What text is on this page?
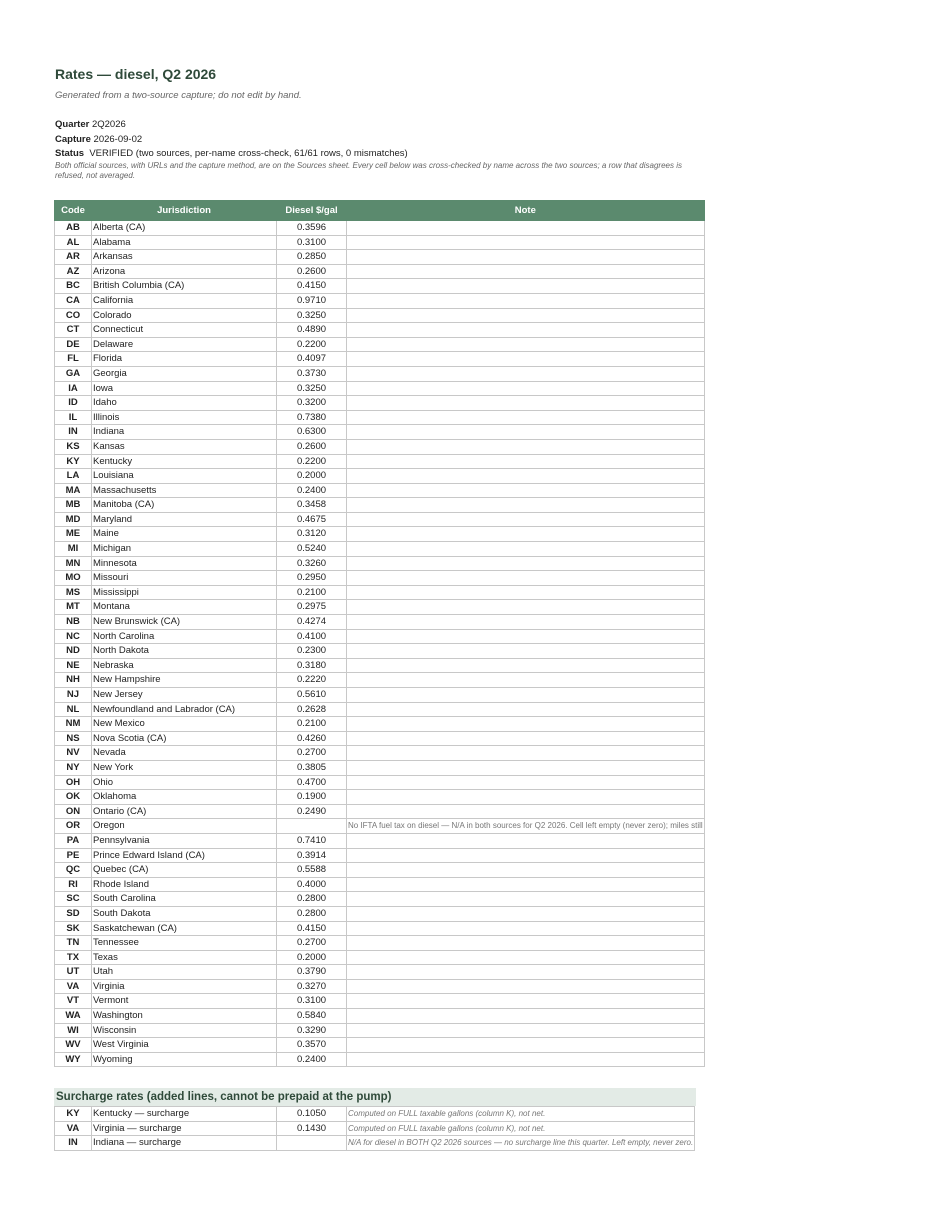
Rates — diesel, Q2 2026
Generated from a two-source capture; do not edit by hand.
Quarter 2Q2026
Capture 2026-09-02
Status VERIFIED (two sources, per-name cross-check, 61/61 rows, 0 mismatches)
Both official sources, with URLs and the capture method, are on the Sources sheet. Every cell below was cross-checked by name across the two sources; a row that disagrees is refused, not averaged.
Code	Jurisdiction	Diesel $/gal	Note
AB	Alberta (CA)	0.3596	
AL	Alabama	0.3100	
AR	Arkansas	0.2850	
AZ	Arizona	0.2600	
BC	British Columbia (CA)	0.4150	
CA	California	0.9710	
CO	Colorado	0.3250	
CT	Connecticut	0.4890	
DE	Delaware	0.2200	
FL	Florida	0.4097	
GA	Georgia	0.3730	
IA	Iowa	0.3250	
ID	Idaho	0.3200	
IL	Illinois	0.7380	
IN	Indiana	0.6300	
KS	Kansas	0.2600	
KY	Kentucky	0.2200	
LA	Louisiana	0.2000	
MA	Massachusetts	0.2400	
MB	Manitoba (CA)	0.3458	
MD	Maryland	0.4675	
ME	Maine	0.3120	
MI	Michigan	0.5240	
MN	Minnesota	0.3260	
MO	Missouri	0.2950	
MS	Mississippi	0.2100	
MT	Montana	0.2975	
NB	New Brunswick (CA)	0.4274	
NC	North Carolina	0.4100	
ND	North Dakota	0.2300	
NE	Nebraska	0.3180	
NH	New Hampshire	0.2220	
NJ	New Jersey	0.5610	
NL	Newfoundland and Labrador (CA)	0.2628	
NM	New Mexico	0.2100	
NS	Nova Scotia (CA)	0.4260	
NV	Nevada	0.2700	
NY	New York	0.3805	
OH	Ohio	0.4700	
OK	Oklahoma	0.1900	
ON	Ontario (CA)	0.2490	
OR	Oregon		No IFTA fuel tax on diesel — N/A in both sources for Q2 2026. Cell left empty (never zero); miles still
PA	Pennsylvania	0.7410	
PE	Prince Edward Island (CA)	0.3914	
QC	Quebec (CA)	0.5588	
RI	Rhode Island	0.4000	
SC	South Carolina	0.2800	
SD	South Dakota	0.2800	
SK	Saskatchewan (CA)	0.4150	
TN	Tennessee	0.2700	
TX	Texas	0.2000	
UT	Utah	0.3790	
VA	Virginia	0.3270	
VT	Vermont	0.3100	
WA	Washington	0.5840	
WI	Wisconsin	0.3290	
WV	West Virginia	0.3570	
WY	Wyoming	0.2400	
Surcharge rates (added lines, cannot be prepaid at the pump)
KY	Kentucky — surcharge	0.1050	Computed on FULL taxable gallons (column K), not net.
VA	Virginia — surcharge	0.1430	Computed on FULL taxable gallons (column K), not net.
IN	Indiana — surcharge		N/A for diesel in BOTH Q2 2026 sources — no surcharge line this quarter. Left empty, never zero.
